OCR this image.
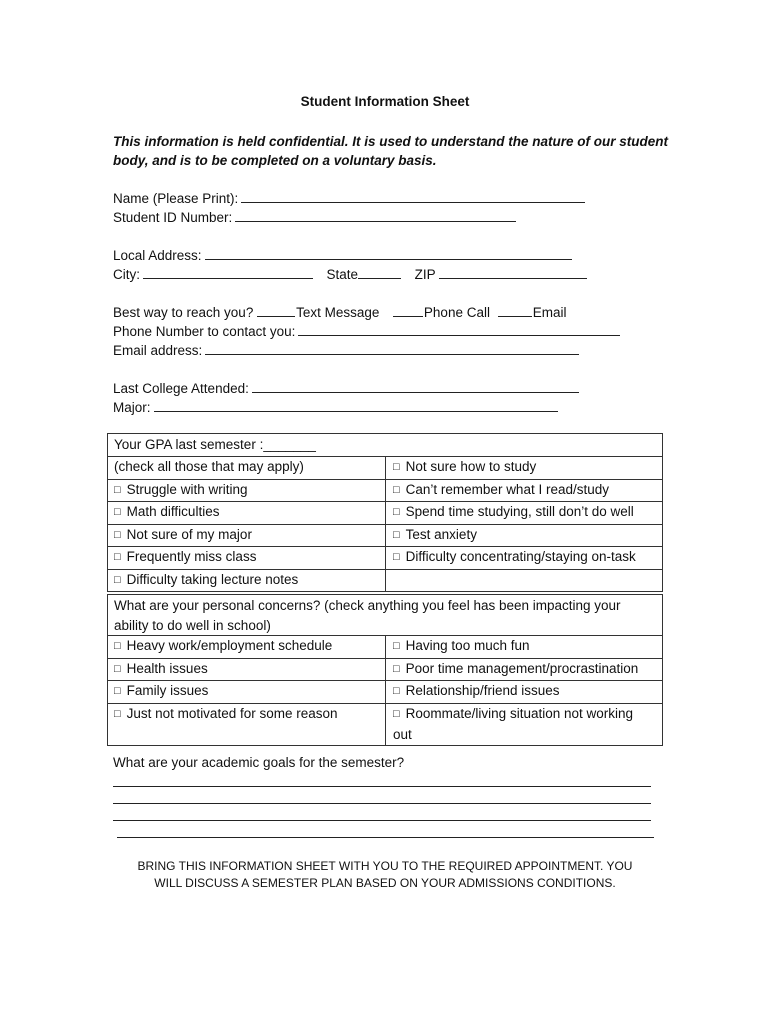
Student Information Sheet
This information is held confidential. It is used to understand the nature of our student body, and is to be completed on a voluntary basis.
Name (Please Print):
Student ID Number:
Local Address:
City:	State	ZIP
Best way to reach you?	Text Message	Phone Call	Email
Phone Number to contact you:
Email address:
Last College Attended:
Major:
Your GPA last semester :_______
(check all those that may apply)	□ Not sure how to study
□ Struggle with writing	□ Can’t remember what I read/study
□ Math difficulties	□ Spend time studying, still don’t do well
□ Not sure of my major	□ Test anxiety
□ Frequently miss class	□ Difficulty concentrating/staying on-task
□ Difficulty taking lecture notes
What are your personal concerns? (check anything you feel has been impacting your ability to do well in school)
□ Heavy work/employment schedule	□ Having too much fun
□ Health issues	□ Poor time management/procrastination
□ Family issues	□ Relationship/friend issues
□ Just not motivated for some reason	□ Roommate/living situation not working out
What are your academic goals for the semester?
BRING THIS INFORMATION SHEET WITH YOU TO THE REQUIRED APPOINTMENT. YOU WILL DISCUSS A SEMESTER PLAN BASED ON YOUR ADMISSIONS CONDITIONS.
